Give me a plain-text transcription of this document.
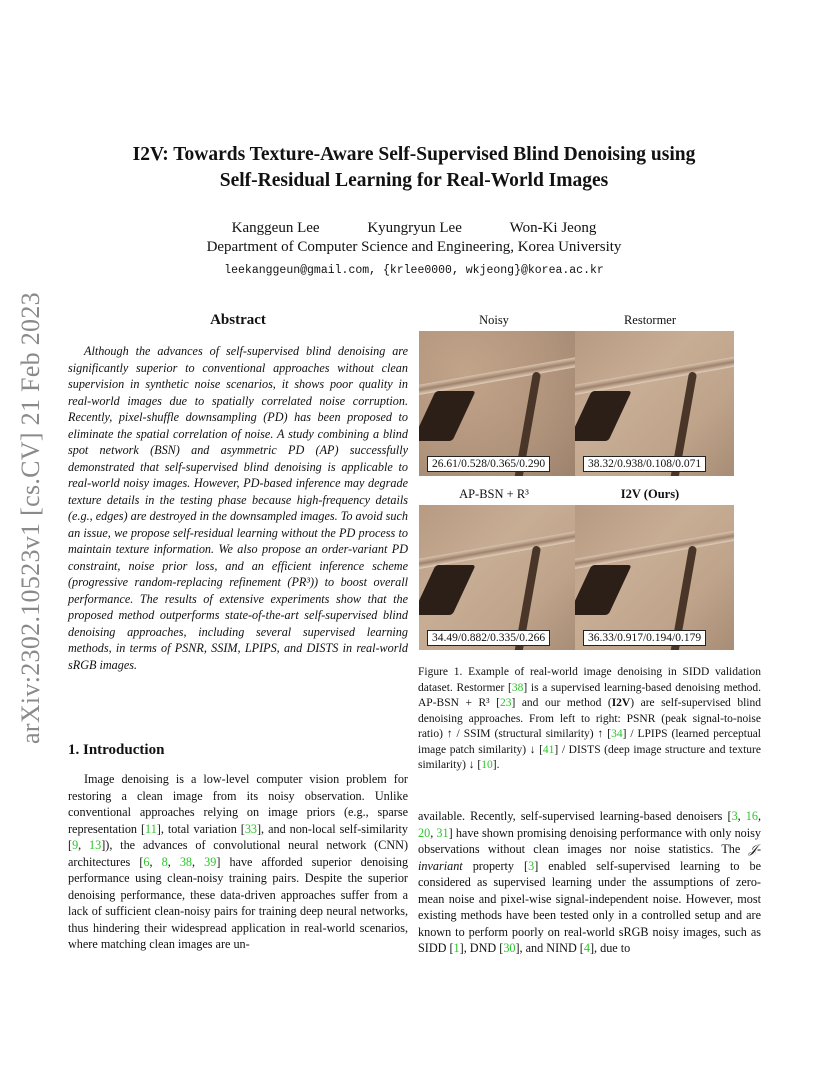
arXiv:2302.10523v1 [cs.CV] 21 Feb 2023
I2V: Towards Texture-Aware Self-Supervised Blind Denoising using
Self-Residual Learning for Real-World Images
Kanggeun Lee	Kyungryun Lee	Won-Ki Jeong
Department of Computer Science and Engineering, Korea University
leekanggeun@gmail.com, {krlee0000, wkjeong}@korea.ac.kr
Abstract
Although the advances of self-supervised blind denoising are significantly superior to conventional approaches without clean supervision in synthetic noise scenarios, it shows poor quality in real-world images due to spatially correlated noise corruption. Recently, pixel-shuffle downsampling (PD) has been proposed to eliminate the spatial correlation of noise. A study combining a blind spot network (BSN) and asymmetric PD (AP) successfully demonstrated that self-supervised blind denoising is applicable to real-world noisy images. However, PD-based inference may degrade texture details in the testing phase because high-frequency details (e.g., edges) are destroyed in the downsampled images. To avoid such an issue, we propose self-residual learning without the PD process to maintain texture information. We also propose an order-variant PD constraint, noise prior loss, and an efficient inference scheme (progressive random-replacing refinement (PR³)) to boost overall performance. The results of extensive experiments show that the proposed method outperforms state-of-the-art self-supervised blind denoising approaches, including several supervised learning methods, in terms of PSNR, SSIM, LPIPS, and DISTS in real-world sRGB images.
1. Introduction
Image denoising is a low-level computer vision problem for restoring a clean image from its noisy observation. Unlike conventional approaches relying on image priors (e.g., sparse representation [11], total variation [33], and non-local self-similarity [9, 13]), the advances of convolutional neural network (CNN) architectures [6, 8, 38, 39] have afforded superior denoising performance using clean-noisy training pairs. Despite the superior denoising performance, these data-driven approaches suffer from a lack of sufficient clean-noisy pairs for training deep neural networks, thus hindering their widespread application in real-world scenarios, where matching clean images are un-
Noisy	Restormer
26.61/0.528/0.365/0.290	38.32/0.938/0.108/0.071
AP-BSN + R³	I2V (Ours)
34.49/0.882/0.335/0.266	36.33/0.917/0.194/0.179
Figure 1. Example of real-world image denoising in SIDD validation dataset. Restormer [38] is a supervised learning-based denoising method. AP-BSN + R³ [23] and our method (I2V) are self-supervised blind denoising approaches. From left to right: PSNR (peak signal-to-noise ratio) ↑ / SSIM (structural similarity) ↑ [34] / LPIPS (learned perceptual image patch similarity) ↓ [41] / DISTS (deep image structure and texture similarity) ↓ [10].
available. Recently, self-supervised learning-based denoisers [3, 16, 20, 31] have shown promising denoising performance with only noisy observations without clean images nor noise statistics. The 𝒥-invariant property [3] enabled self-supervised learning to be considered as supervised learning under the assumptions of zero-mean noise and pixel-wise signal-independent noise. However, most existing methods have been tested only in a controlled setup and are known to perform poorly on real-world sRGB noisy images, such as SIDD [1], DND [30], and NIND [4], due to
